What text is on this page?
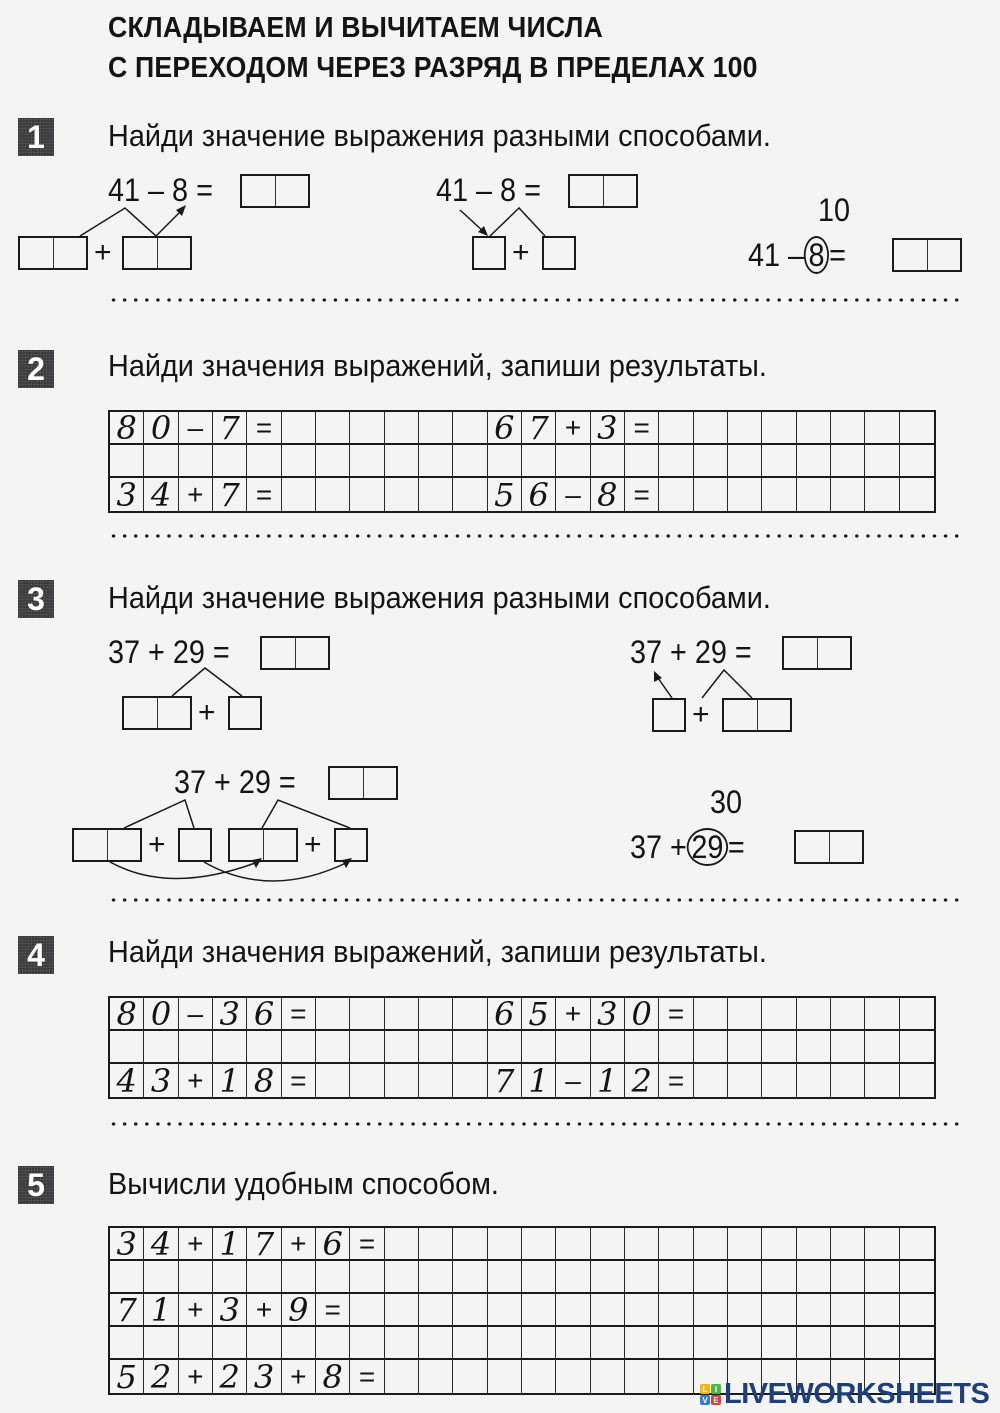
СКЛАДЫВАЕМ И ВЫЧИТАЕМ ЧИСЛА
С ПЕРЕХОДОМ ЧЕРЕЗ РАЗРЯД В ПРЕДЕЛАХ 100
1 Найди значение выражения разными способами.
41 – 8 =
+
41 – 8 =
+
10
41 – 8 =
2 Найди значения выражений, запиши результаты.
8 0 – 7 =	6 7 + 3 =
3 4 + 7 =	5 6 – 8 =
3 Найди значение выражения разными способами.
37 + 29 =
+
37 + 29 =
+
37 + 29 =
+	+
30
37 + 29 =
4 Найди значения выражений, запиши результаты.
8 0 – 3 6 =	6 5 + 3 0 =
4 3 + 1 8 =	7 1 – 1 2 =
5 Вычисли удобным способом.
3 4 + 1 7 + 6 =
7 1 + 3 + 9 =
5 2 + 2 3 + 8 =	L I
V E LIVEWORKSHEETS
